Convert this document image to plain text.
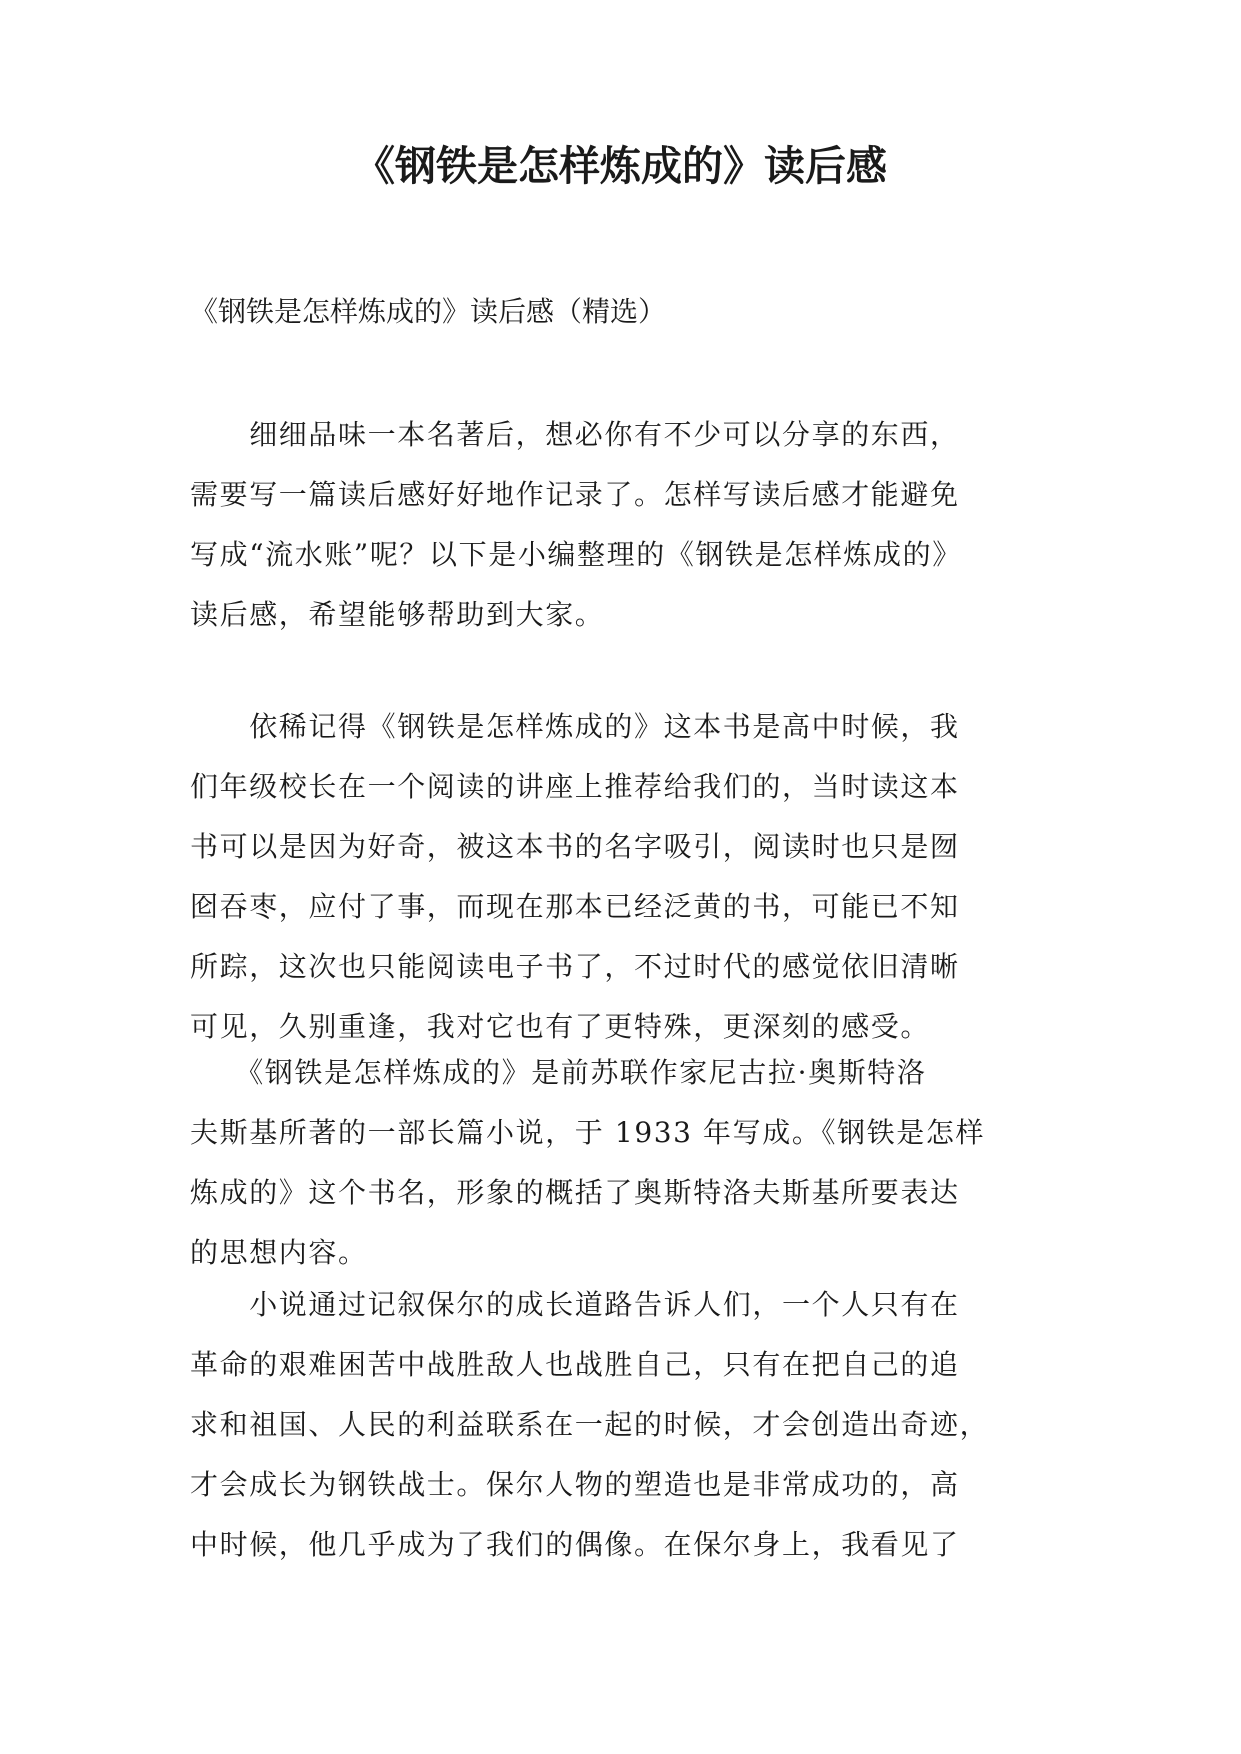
《钢铁是怎样炼成的》读后感

《钢铁是怎样炼成的》读后感（精选）

　　细细品味一本名著后，想必你有不少可以分享的东西，
需要写一篇读后感好好地作记录了。怎样写读后感才能避免
写成“流水账”呢？以下是小编整理的《钢铁是怎样炼成的》
读后感，希望能够帮助到大家。

　　依稀记得《钢铁是怎样炼成的》这本书是高中时候，我
们年级校长在一个阅读的讲座上推荐给我们的，当时读这本
书可以是因为好奇，被这本书的名字吸引，阅读时也只是囫
囵吞枣，应付了事，而现在那本已经泛黄的书，可能已不知
所踪，这次也只能阅读电子书了，不过时代的感觉依旧清晰
可见，久别重逢，我对它也有了更特殊，更深刻的感受。

　　《钢铁是怎样炼成的》是前苏联作家尼古拉·奥斯特洛
夫斯基所著的一部长篇小说，于 1933 年写成。《钢铁是怎样
炼成的》这个书名，形象的概括了奥斯特洛夫斯基所要表达
的思想内容。

　　小说通过记叙保尔的成长道路告诉人们，一个人只有在
革命的艰难困苦中战胜敌人也战胜自己，只有在把自己的追
求和祖国、人民的利益联系在一起的时候，才会创造出奇迹，
才会成长为钢铁战士。保尔人物的塑造也是非常成功的，高
中时候，他几乎成为了我们的偶像。在保尔身上，我看见了
